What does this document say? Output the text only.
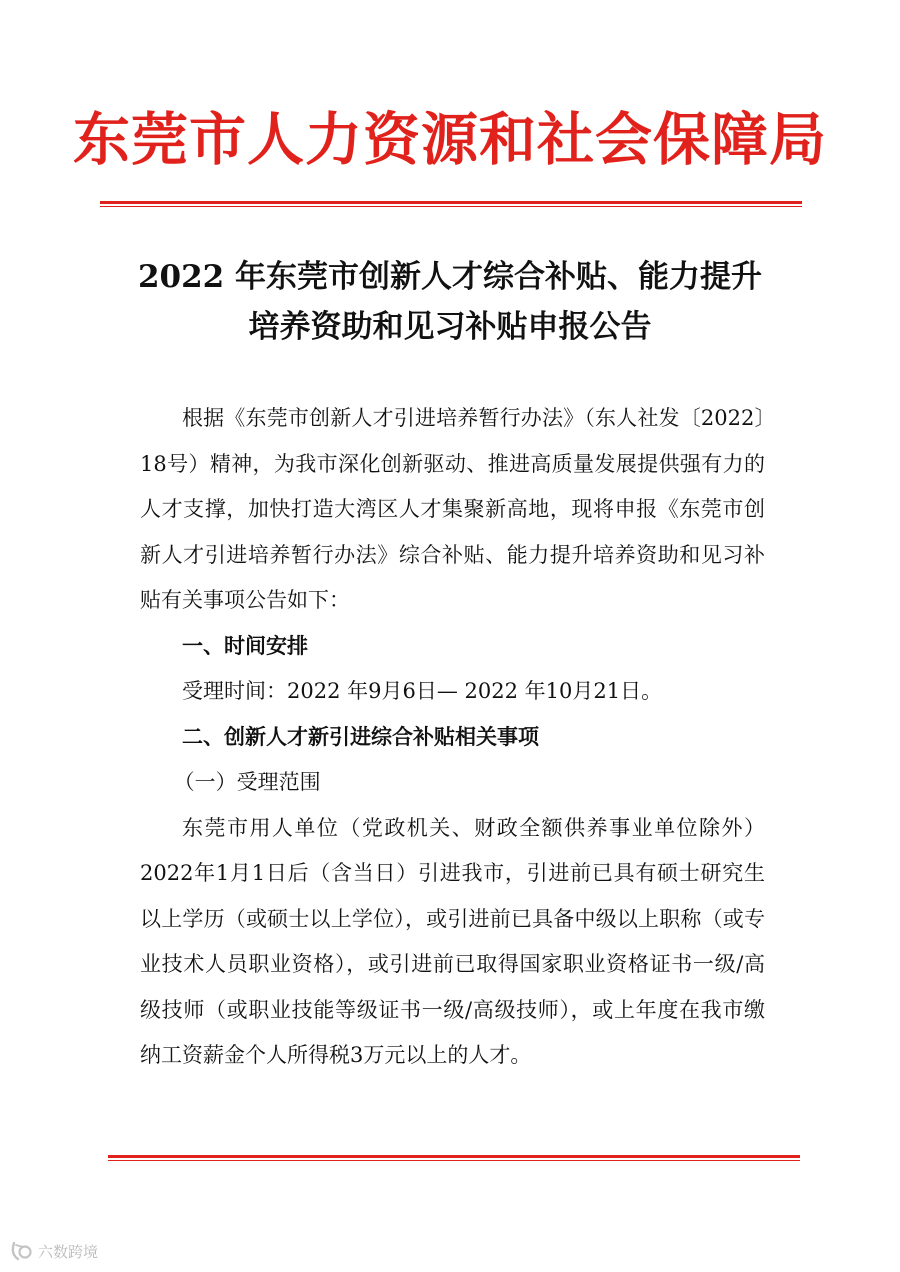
东莞市人力资源和社会保障局
2022 年东莞市创新人才综合补贴、能力提升
培养资助和见习补贴申报公告

根据《东莞市创新人才引进培养暂行办法》（东人社发〔2022〕18号）精神，为我市深化创新驱动、推进高质量发展提供强有力的人才支撑，加快打造大湾区人才集聚新高地，现将申报《东莞市创新人才引进培养暂行办法》综合补贴、能力提升培养资助和见习补贴有关事项公告如下：

一、时间安排

受理时间：2022 年9月6日— 2022 年10月21日。

二、创新人才新引进综合补贴相关事项

（一）受理范围

东莞市用人单位（党政机关、财政全额供养事业单位除外）2022年1月1日后（含当日）引进我市，引进前已具有硕士研究生以上学历（或硕士以上学位），或引进前已具备中级以上职称（或专业技术人员职业资格），或引进前已取得国家职业资格证书一级/高级技师（或职业技能等级证书一级/高级技师），或上年度在我市缴纳工资薪金个人所得税3万元以上的人才。

六数跨境
